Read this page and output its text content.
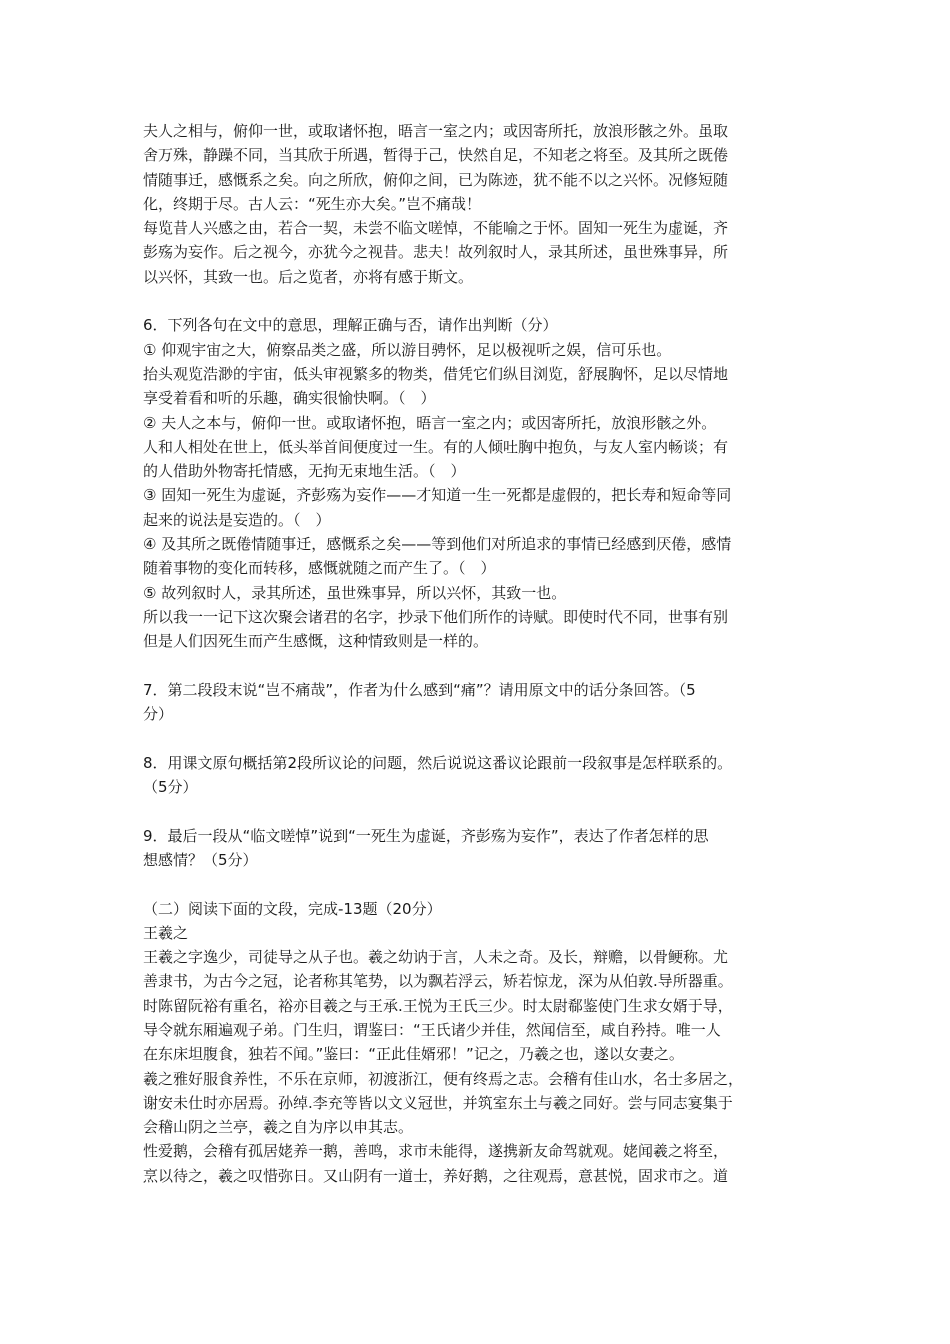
夫人之相与，俯仰一世，或取诸怀抱，晤言一室之内；或因寄所托，放浪形骸之外。虽取
舍万殊，静躁不同，当其欣于所遇，暂得于己，快然自足，不知老之将至。及其所之既倦
情随事迁，感慨系之矣。向之所欣，俯仰之间，已为陈迹，犹不能不以之兴怀。况修短随
化，终期于尽。古人云：“死生亦大矣。”岂不痛哉！
每览昔人兴感之由，若合一契，未尝不临文嗟悼，不能喻之于怀。固知一死生为虚诞，齐
彭殇为妄作。后之视今，亦犹今之视昔。悲夫！故列叙时人，录其所述，虽世殊事异，所
以兴怀，其致一也。后之览者，亦将有感于斯文。
6．下列各句在文中的意思，理解正确与否，请作出判断（分）
① 仰观宇宙之大，俯察品类之盛，所以游目骋怀，足以极视听之娱，信可乐也。
抬头观览浩渺的宇宙，低头审视繁多的物类，借凭它们纵目浏览，舒展胸怀，足以尽情地
享受着看和听的乐趣，确实很愉快啊。（　）
② 夫人之本与，俯仰一世。或取诸怀抱，晤言一室之内；或因寄所托，放浪形骸之外。
人和人相处在世上，低头举首间便度过一生。有的人倾吐胸中抱负，与友人室内畅谈；有
的人借助外物寄托情感，无拘无束地生活。（　）
③ 固知一死生为虚诞，齐彭殇为妄作——才知道一生一死都是虚假的，把长寿和短命等同
起来的说法是妄造的。（　）
④ 及其所之既倦情随事迁，感慨系之矣——等到他们对所追求的事情已经感到厌倦，感情
随着事物的变化而转移，感慨就随之而产生了。（　）
⑤ 故列叙时人，录其所述，虽世殊事异，所以兴怀，其致一也。
所以我一一记下这次聚会诸君的名字，抄录下他们所作的诗赋。即使时代不同，世事有别
但是人们因死生而产生感慨，这种情致则是一样的。
7．第二段段末说“岂不痛哉”，作者为什么感到“痛”？请用原文中的话分条回答。（5
分）
8．用课文原句概括第2段所议论的问题，然后说说这番议论跟前一段叙事是怎样联系的。
（5分）
9．最后一段从“临文嗟悼”说到“一死生为虚诞，齐彭殇为妄作”，表达了作者怎样的思
想感情？（5分）
（二）阅读下面的文段，完成-13题（20分）
王羲之
王羲之字逸少，司徒导之从子也。羲之幼讷于言，人未之奇。及长，辩赡，以骨鲠称。尤
善隶书，为古今之冠，论者称其笔势，以为飘若浮云，矫若惊龙，深为从伯敦.导所器重。
时陈留阮裕有重名，裕亦目羲之与王承.王悦为王氏三少。时太尉郗鉴使门生求女婿于导，
导令就东厢遍观子弟。门生归，谓鉴曰：“王氏诸少并佳，然闻信至，咸自矜持。唯一人
在东床坦腹食，独若不闻。”鉴曰：“正此佳婿邪！”记之，乃羲之也，遂以女妻之。
羲之雅好服食养性，不乐在京师，初渡浙江，便有终焉之志。会稽有佳山水，名士多居之，
谢安未仕时亦居焉。孙绰.李充等皆以文义冠世，并筑室东土与羲之同好。尝与同志宴集于
会稽山阴之兰亭，羲之自为序以申其志。
性爱鹅，会稽有孤居姥养一鹅，善鸣，求市未能得，遂携新友命驾就观。姥闻羲之将至，
烹以待之，羲之叹惜弥日。又山阴有一道士，养好鹅，之往观焉，意甚悦，固求市之。道
